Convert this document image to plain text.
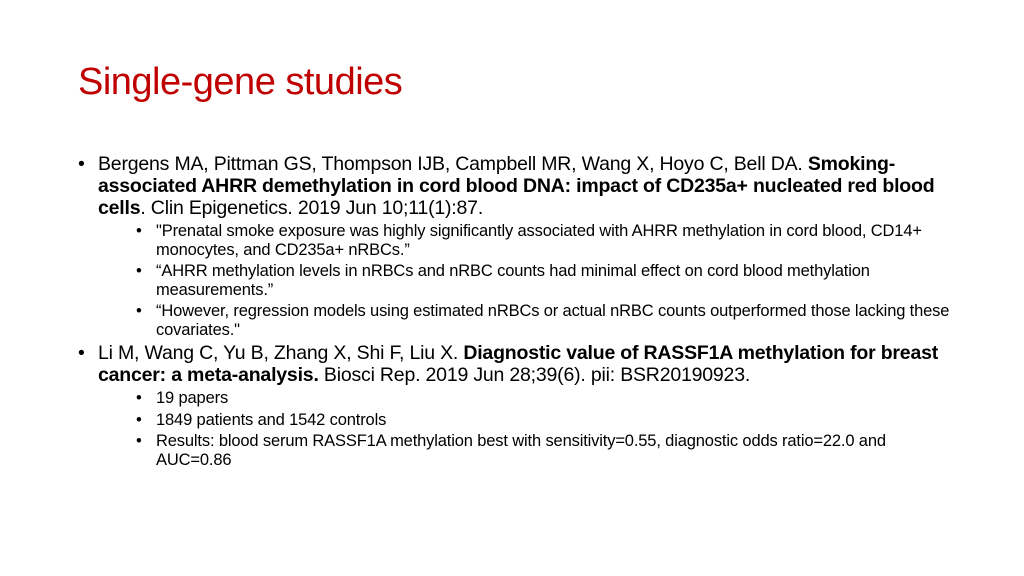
Single-gene studies
• Bergens MA, Pittman GS, Thompson IJB, Campbell MR, Wang X, Hoyo C, Bell DA. Smoking-associated AHRR demethylation in cord blood DNA: impact of CD235a+ nucleated red blood cells. Clin Epigenetics. 2019 Jun 10;11(1):87.
• "Prenatal smoke exposure was highly significantly associated with AHRR methylation in cord blood, CD14+ monocytes, and CD235a+ nRBCs.”
• “AHRR methylation levels in nRBCs and nRBC counts had minimal effect on cord blood methylation measurements.”
• “However, regression models using estimated nRBCs or actual nRBC counts outperformed those lacking these covariates."
• Li M, Wang C, Yu B, Zhang X, Shi F, Liu X. Diagnostic value of RASSF1A methylation for breast cancer: a meta-analysis. Biosci Rep. 2019 Jun 28;39(6). pii: BSR20190923.
• 19 papers
• 1849 patients and 1542 controls
• Results: blood serum RASSF1A methylation best with sensitivity=0.55, diagnostic odds ratio=22.0 and AUC=0.86
